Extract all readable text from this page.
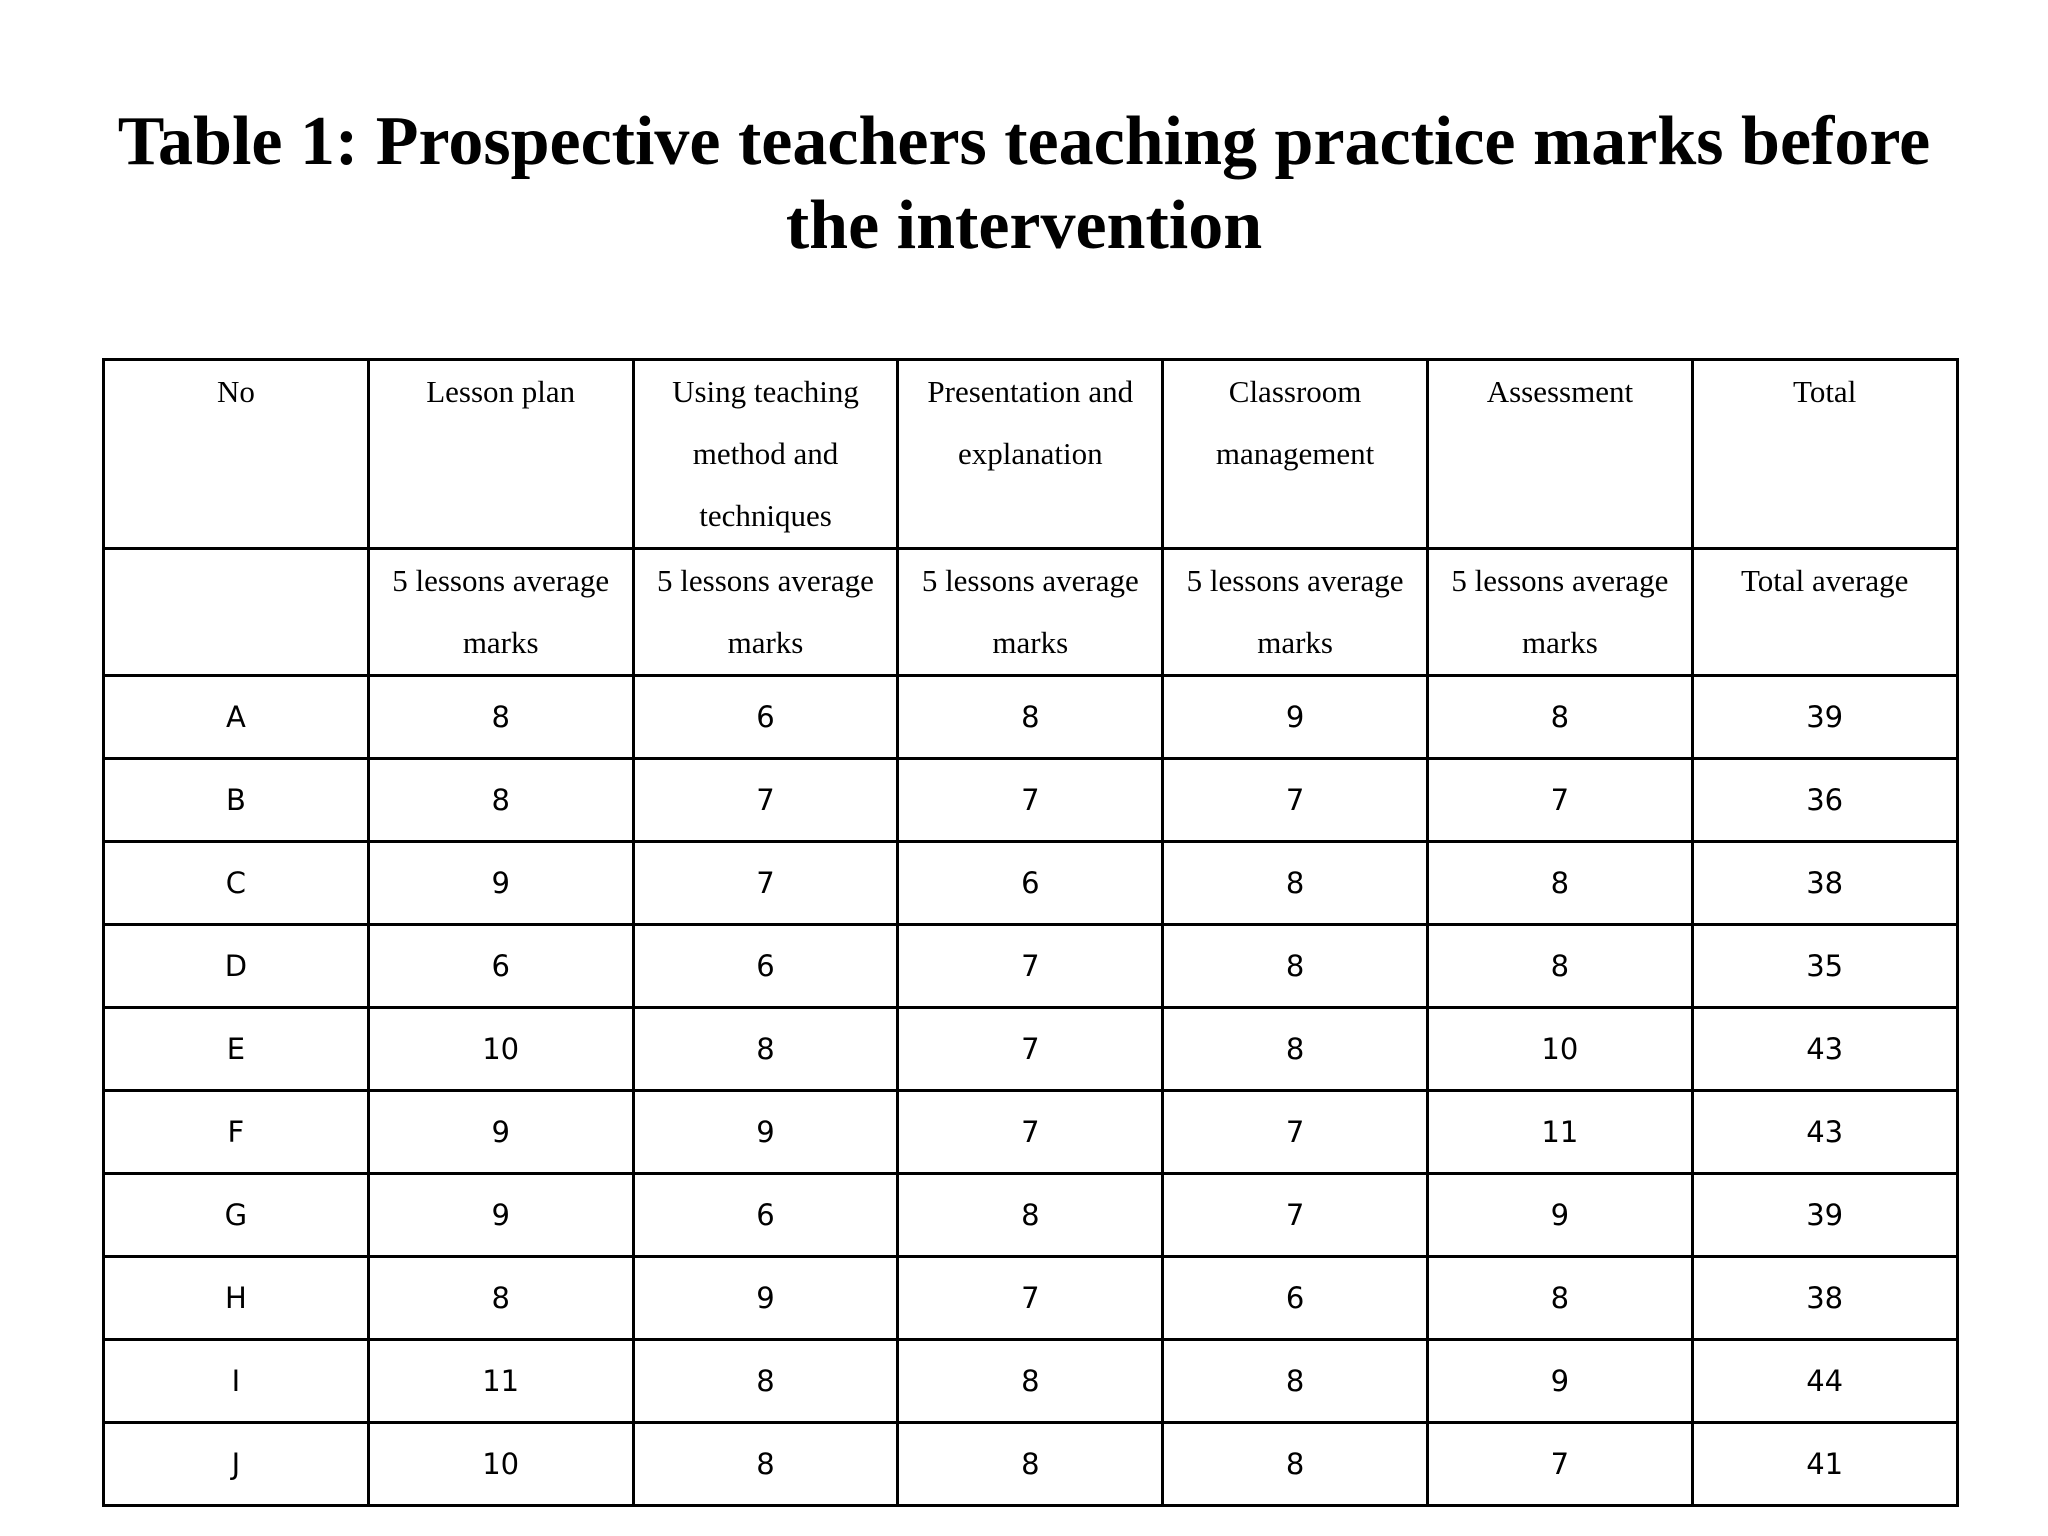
Table 1: Prospective teachers teaching practice marks before
the intervention
No	Lesson plan	Using teaching method and techniques	Presentation and explanation	Classroom management	Assessment	Total

	5 lessons average marks	5 lessons average marks	5 lessons average marks	5 lessons average marks	5 lessons average marks	Total average

A	8	6	8	9	8	39
B	8	7	7	7	7	36
C	9	7	6	8	8	38
D	6	6	7	8	8	35
E	10	8	7	8	10	43
F	9	9	7	7	11	43
G	9	6	8	7	9	39
H	8	9	7	6	8	38
I	11	8	8	8	9	44
J	10	8	8	8	7	41
